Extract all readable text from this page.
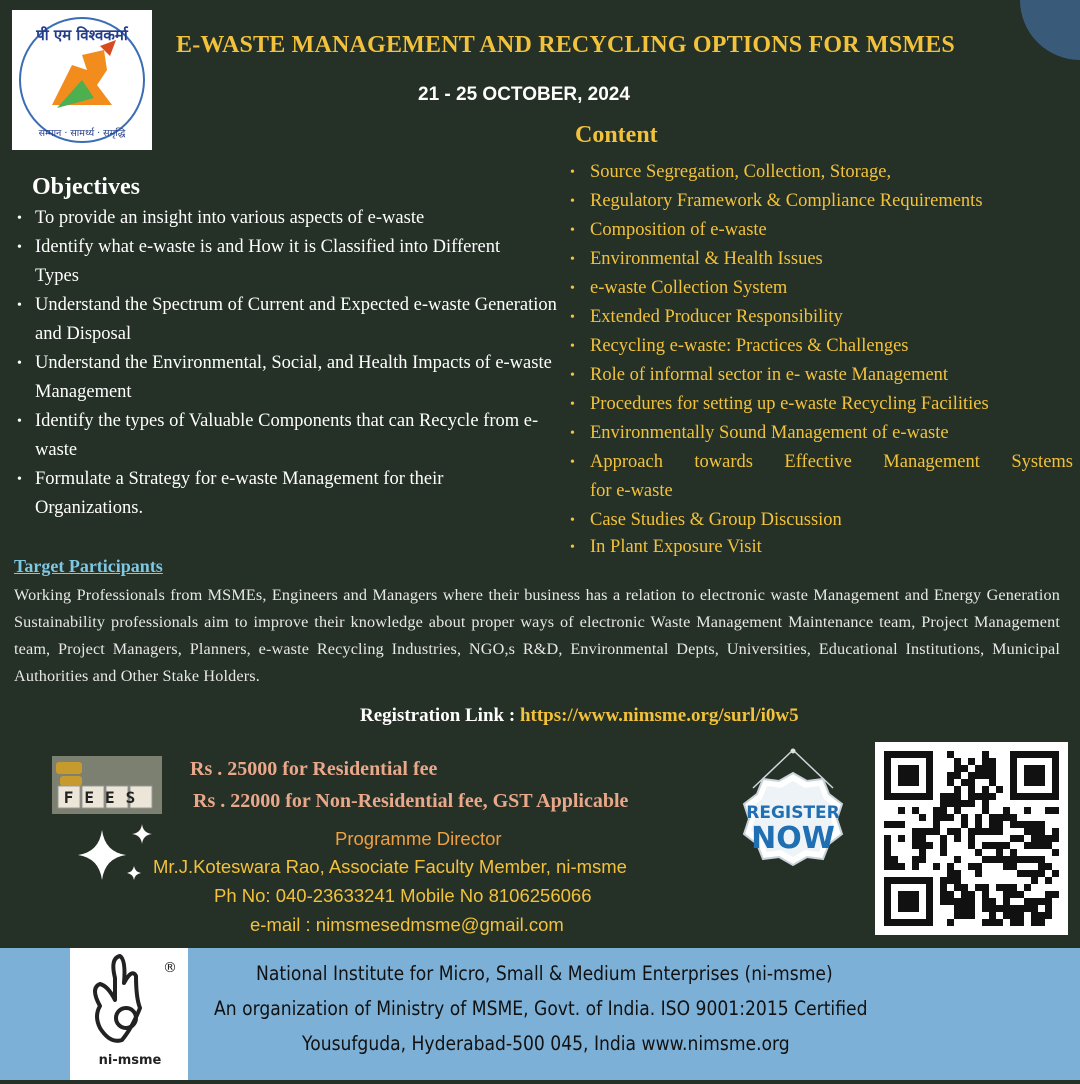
पी एम विश्वकर्मा
सम्मान · सामर्थ्य · समृद्धि
E-WASTE MANAGEMENT AND RECYCLING OPTIONS FOR MSMES
21 - 25 OCTOBER, 2024
Content
• Source Segregation, Collection, Storage,
• Regulatory Framework & Compliance Requirements
• Composition of e-waste
• Environmental & Health Issues
• e-waste Collection System
• Extended Producer Responsibility
• Recycling e-waste: Practices & Challenges
• Role of informal sector in e- waste Management
• Procedures for setting up e-waste Recycling Facilities
• Environmentally Sound Management of e-waste
• Approach towards Effective Management Systems
for e-waste
• Case Studies & Group Discussion
• In Plant Exposure Visit
Objectives
• To provide an insight into various aspects of e-waste
• Identify what e-waste is and How it is Classified into Different Types
• Understand the Spectrum of Current and Expected e-waste Generation and Disposal
• Understand the Environmental, Social, and Health Impacts of e-waste Management
• Identify the types of Valuable Components that can Recycle from e-waste
• Formulate a Strategy for e-waste Management for their Organizations.
Target Participants
Working Professionals from MSMEs, Engineers and Managers where their business has a relation to electronic waste Management and Energy Generation Sustainability professionals aim to improve their knowledge about proper ways of electronic Waste Management Maintenance team, Project Management team, Project Managers, Planners, e-waste Recycling Industries, NGO,s R&D, Environmental Depts, Universities, Educational Institutions, Municipal Authorities and Other Stake Holders.
Registration Link : https://www.nimsme.org/surl/i0w5
FEES
Rs . 25000 for Residential fee
Rs . 22000 for Non-Residential fee, GST Applicable
Programme Director
Mr.J.Koteswara Rao, Associate Faculty Member, ni-msme
Ph No: 040-23633241 Mobile No 8106256066
e-mail : nimsmesedmsme@gmail.com
REGISTER
NOW
®
ni-msme
National Institute for Micro, Small & Medium Enterprises (ni-msme)
An organization of Ministry of MSME, Govt. of India. ISO 9001:2015 Certified
Yousufguda, Hyderabad-500 045, India www.nimsme.org
